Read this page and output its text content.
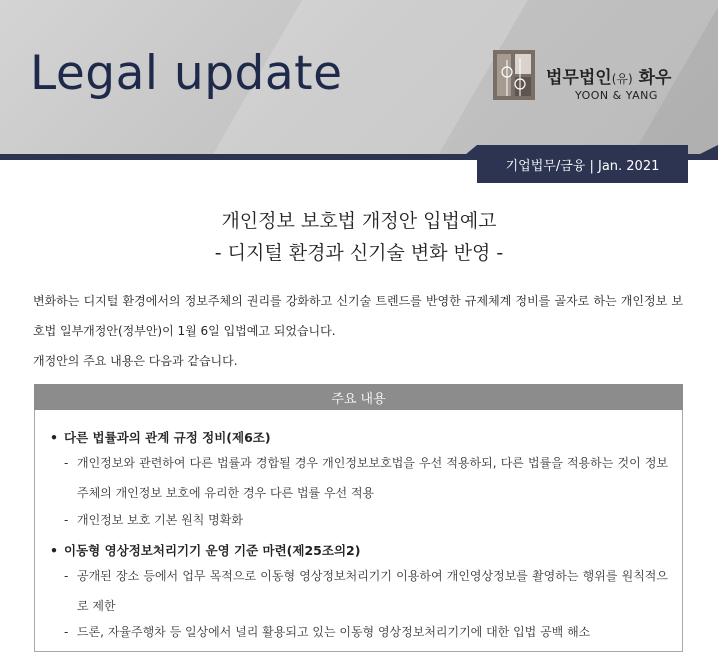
Legal update	법무법인(유) 화우
YOON & YANG
기업법무/금융 | Jan. 2021
개인정보 보호법 개정안 입법예고
- 디지털 환경과 신기술 변화 반영 -
변화하는 디지털 환경에서의 정보주체의 권리를 강화하고 신기술 트렌드를 반영한 규제체계 정비를 골자로 하는 개인정보 보호법 일부개정안(정부안)이 1월 6일 입법예고 되었습니다.
개정안의 주요 내용은 다음과 같습니다.
주요 내용
• 다른 법률과의 관계 규정 정비(제6조)
- 개인정보와 관련하여 다른 법률과 경합될 경우 개인정보보호법을 우선 적용하되, 다른 법률을 적용하는 것이 정보주체의 개인정보 보호에 유리한 경우 다른 법률 우선 적용
- 개인정보 보호 기본 원칙 명확화
• 이동형 영상정보처리기기 운영 기준 마련(제25조의2)
- 공개된 장소 등에서 업무 목적으로 이동형 영상정보처리기기 이용하여 개인영상정보를 촬영하는 행위를 원칙적으로 제한
- 드론, 자율주행차 등 일상에서 널리 활용되고 있는 이동형 영상정보처리기기에 대한 입법 공백 해소
